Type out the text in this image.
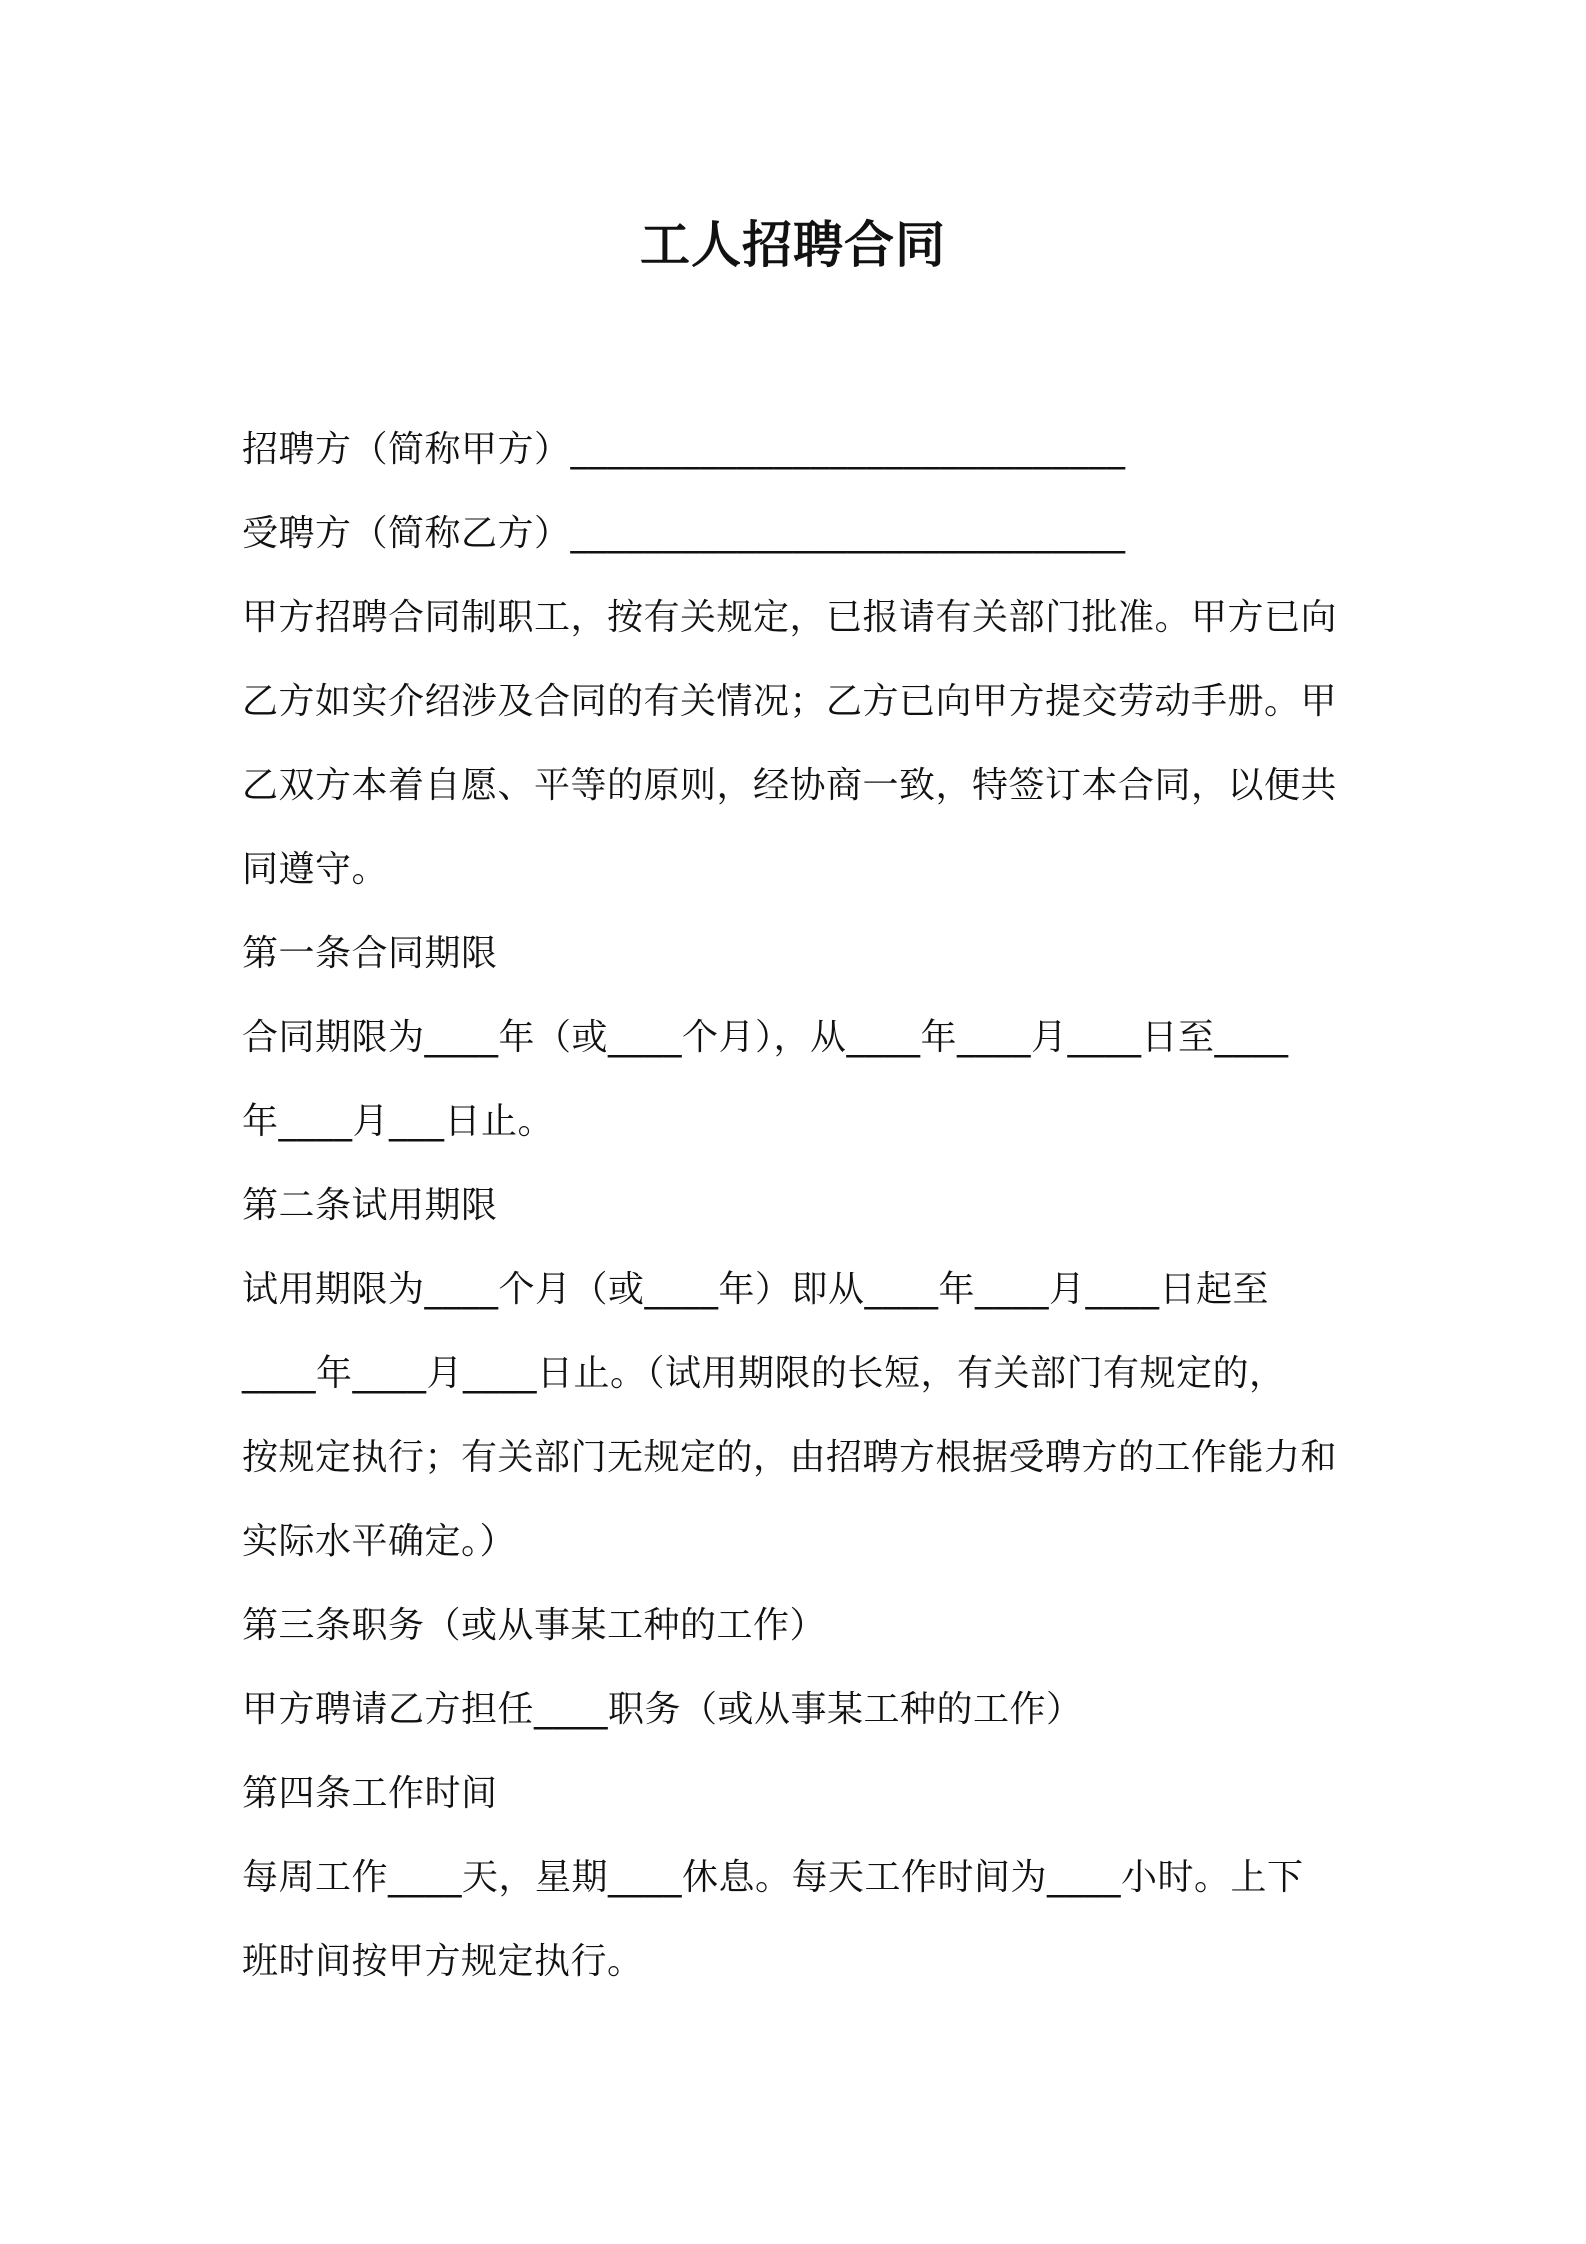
工人招聘合同
招聘方（简称甲方）______________________________
受聘方（简称乙方）______________________________
甲方招聘合同制职工，按有关规定，已报请有关部门批准。甲方已向
乙方如实介绍涉及合同的有关情况；乙方已向甲方提交劳动手册。甲
乙双方本着自愿、平等的原则，经协商一致，特签订本合同，以便共
同遵守。
第一条合同期限
合同期限为____年（或____个月），从____年____月____日至____
年____月___日止。
第二条试用期限
试用期限为____个月（或____年）即从____年____月____日起至
____年____月____日止。（试用期限的长短，有关部门有规定的，
按规定执行；有关部门无规定的，由招聘方根据受聘方的工作能力和
实际水平确定。）
第三条职务（或从事某工种的工作）
甲方聘请乙方担任____职务（或从事某工种的工作）
第四条工作时间
每周工作____天，星期____休息。每天工作时间为____小时。上下
班时间按甲方规定执行。
